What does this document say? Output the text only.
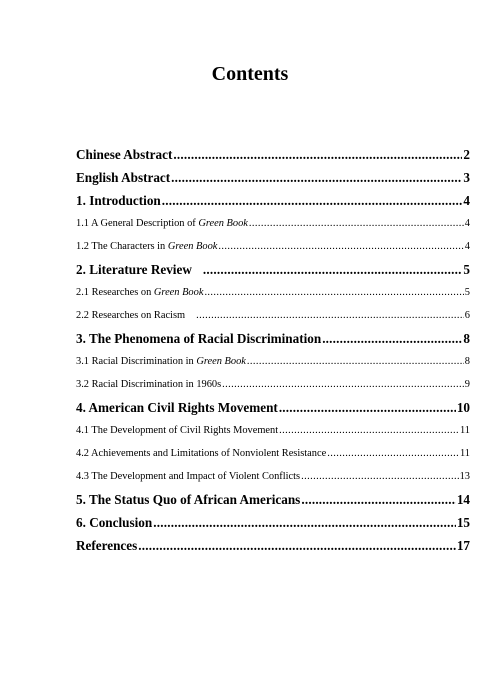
Contents
Chinese Abstract .....	2
English Abstract .....	3
1. Introduction .....	4
1.1 A General Description of Green Book .....	4
1.2 The Characters in Green Book .....	4
2. Literature Review .....	5
2.1 Researches on Green Book .....	5
2.2 Researches on Racism .....	6
3. The Phenomena of Racial Discrimination .....	8
3.1 Racial Discrimination in Green Book .....	8
3.2 Racial Discrimination in 1960s .....	9
4. American Civil Rights Movement .....	10
4.1 The Development of Civil Rights Movement .....	11
4.2 Achievements and Limitations of Nonviolent Resistance .....	11
4.3 The Development and Impact of Violent Conflicts .....	13
5. The Status Quo of African Americans .....	14
6. Conclusion .....	15
References .....	17
